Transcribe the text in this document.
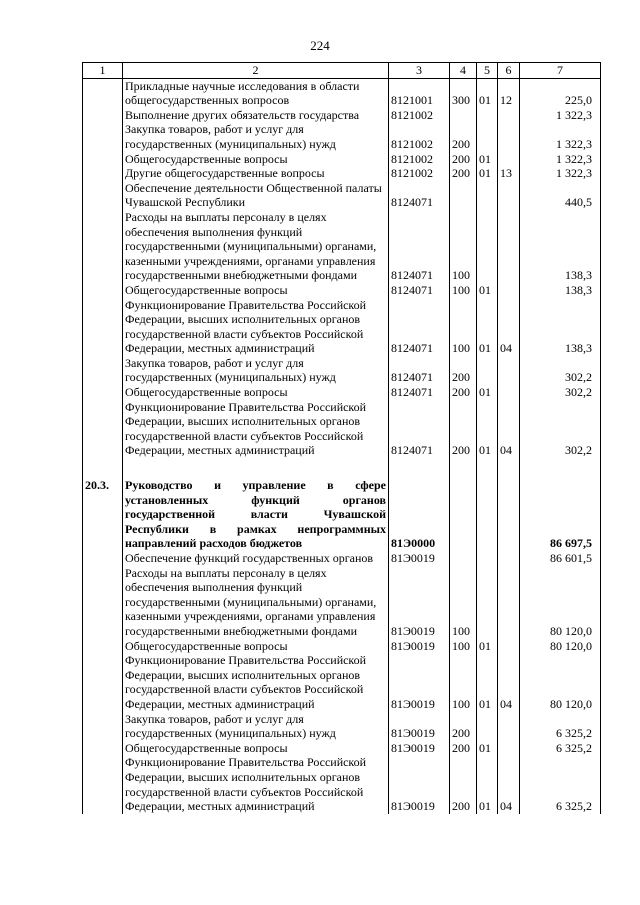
224
1	2	3	4	5	6	7
	Прикладные научные исследования в области общегосударственных вопросов	8121001	300	01	12	225,0
	Выполнение других обязательств государства	8121002				1 322,3
	Закупка товаров, работ и услуг для государственных (муниципальных) нужд	8121002	200			1 322,3
	Общегосударственные вопросы	8121002	200	01		1 322,3
	Другие общегосударственные вопросы	8121002	200	01	13	1 322,3
	Обеспечение деятельности Общественной палаты Чувашской Республики	8124071				440,5
	Расходы на выплаты персоналу в целях обеспечения выполнения функций государственными (муниципальными) органами, казенными учреждениями, органами управления государственными внебюджетными фондами	8124071	100			138,3
	Общегосударственные вопросы	8124071	100	01		138,3
	Функционирование Правительства Российской Федерации, высших исполнительных органов государственной власти субъектов Российской Федерации, местных администраций	8124071	100	01	04	138,3
	Закупка товаров, работ и услуг для государственных (муниципальных) нужд	8124071	200			302,2
	Общегосударственные вопросы	8124071	200	01		302,2
	Функционирование Правительства Российской Федерации, высших исполнительных органов государственной власти субъектов Российской Федерации, местных администраций	8124071	200	01	04	302,2

20.3.	Руководство и управление в сфере установленных функций органов государственной власти Чувашской Республики в рамках непрограммных направлений расходов бюджетов	81Э0000				86 697,5
	Обеспечение функций государственных органов	81Э0019				86 601,5
	Расходы на выплаты персоналу в целях обеспечения выполнения функций государственными (муниципальными) органами, казенными учреждениями, органами управления государственными внебюджетными фондами	81Э0019	100			80 120,0
	Общегосударственные вопросы	81Э0019	100	01		80 120,0
	Функционирование Правительства Российской Федерации, высших исполнительных органов государственной власти субъектов Российской Федерации, местных администраций	81Э0019	100	01	04	80 120,0
	Закупка товаров, работ и услуг для государственных (муниципальных) нужд	81Э0019	200			6 325,2
	Общегосударственные вопросы	81Э0019	200	01		6 325,2
	Функционирование Правительства Российской Федерации, высших исполнительных органов государственной власти субъектов Российской Федерации, местных администраций	81Э0019	200	01	04	6 325,2
